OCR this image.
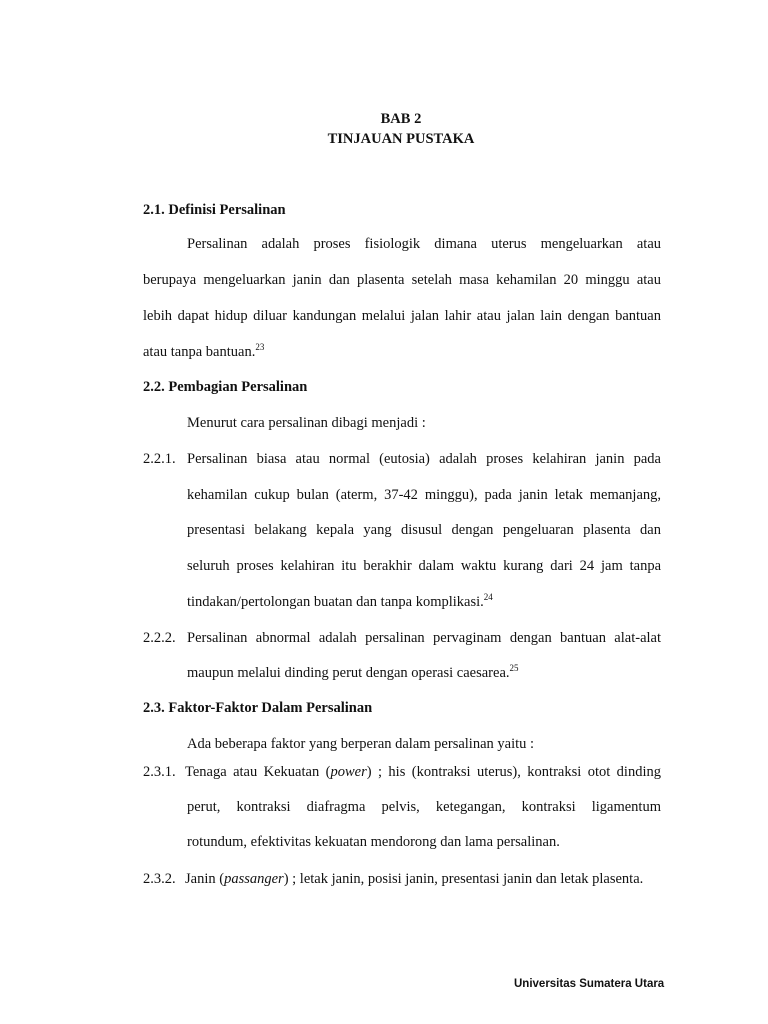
BAB 2
TINJAUAN PUSTAKA
2.1. Definisi Persalinan
Persalinan adalah proses fisiologik dimana uterus mengeluarkan atau
berupaya mengeluarkan janin dan plasenta setelah masa kehamilan 20 minggu atau
lebih dapat hidup diluar kandungan melalui jalan lahir atau jalan lain dengan bantuan
atau tanpa bantuan.$^{23}$
2.2. Pembagian Persalinan
Menurut cara persalinan dibagi menjadi :
2.2.1. Persalinan biasa atau normal (eutosia) adalah proses kelahiran janin pada
kehamilan cukup bulan (aterm, 37-42 minggu), pada janin letak memanjang,
presentasi belakang kepala yang disusul dengan pengeluaran plasenta dan
seluruh proses kelahiran itu berakhir dalam waktu kurang dari 24 jam tanpa
tindakan/pertolongan buatan dan tanpa komplikasi.$^{24}$
2.2.2. Persalinan abnormal adalah persalinan pervaginam dengan bantuan alat-alat
maupun melalui dinding perut dengan operasi caesarea.$^{25}$
2.3. Faktor-Faktor Dalam Persalinan
Ada beberapa faktor yang berperan dalam persalinan yaitu :
2.3.1. Tenaga atau Kekuatan (power) ; his (kontraksi uterus), kontraksi otot dinding
perut, kontraksi diafragma pelvis, ketegangan, kontraksi ligamentum
rotundum, efektivitas kekuatan mendorong dan lama persalinan.
2.3.2. Janin (passanger) ; letak janin, posisi janin, presentasi janin dan letak plasenta.
Universitas Sumatera Utara
